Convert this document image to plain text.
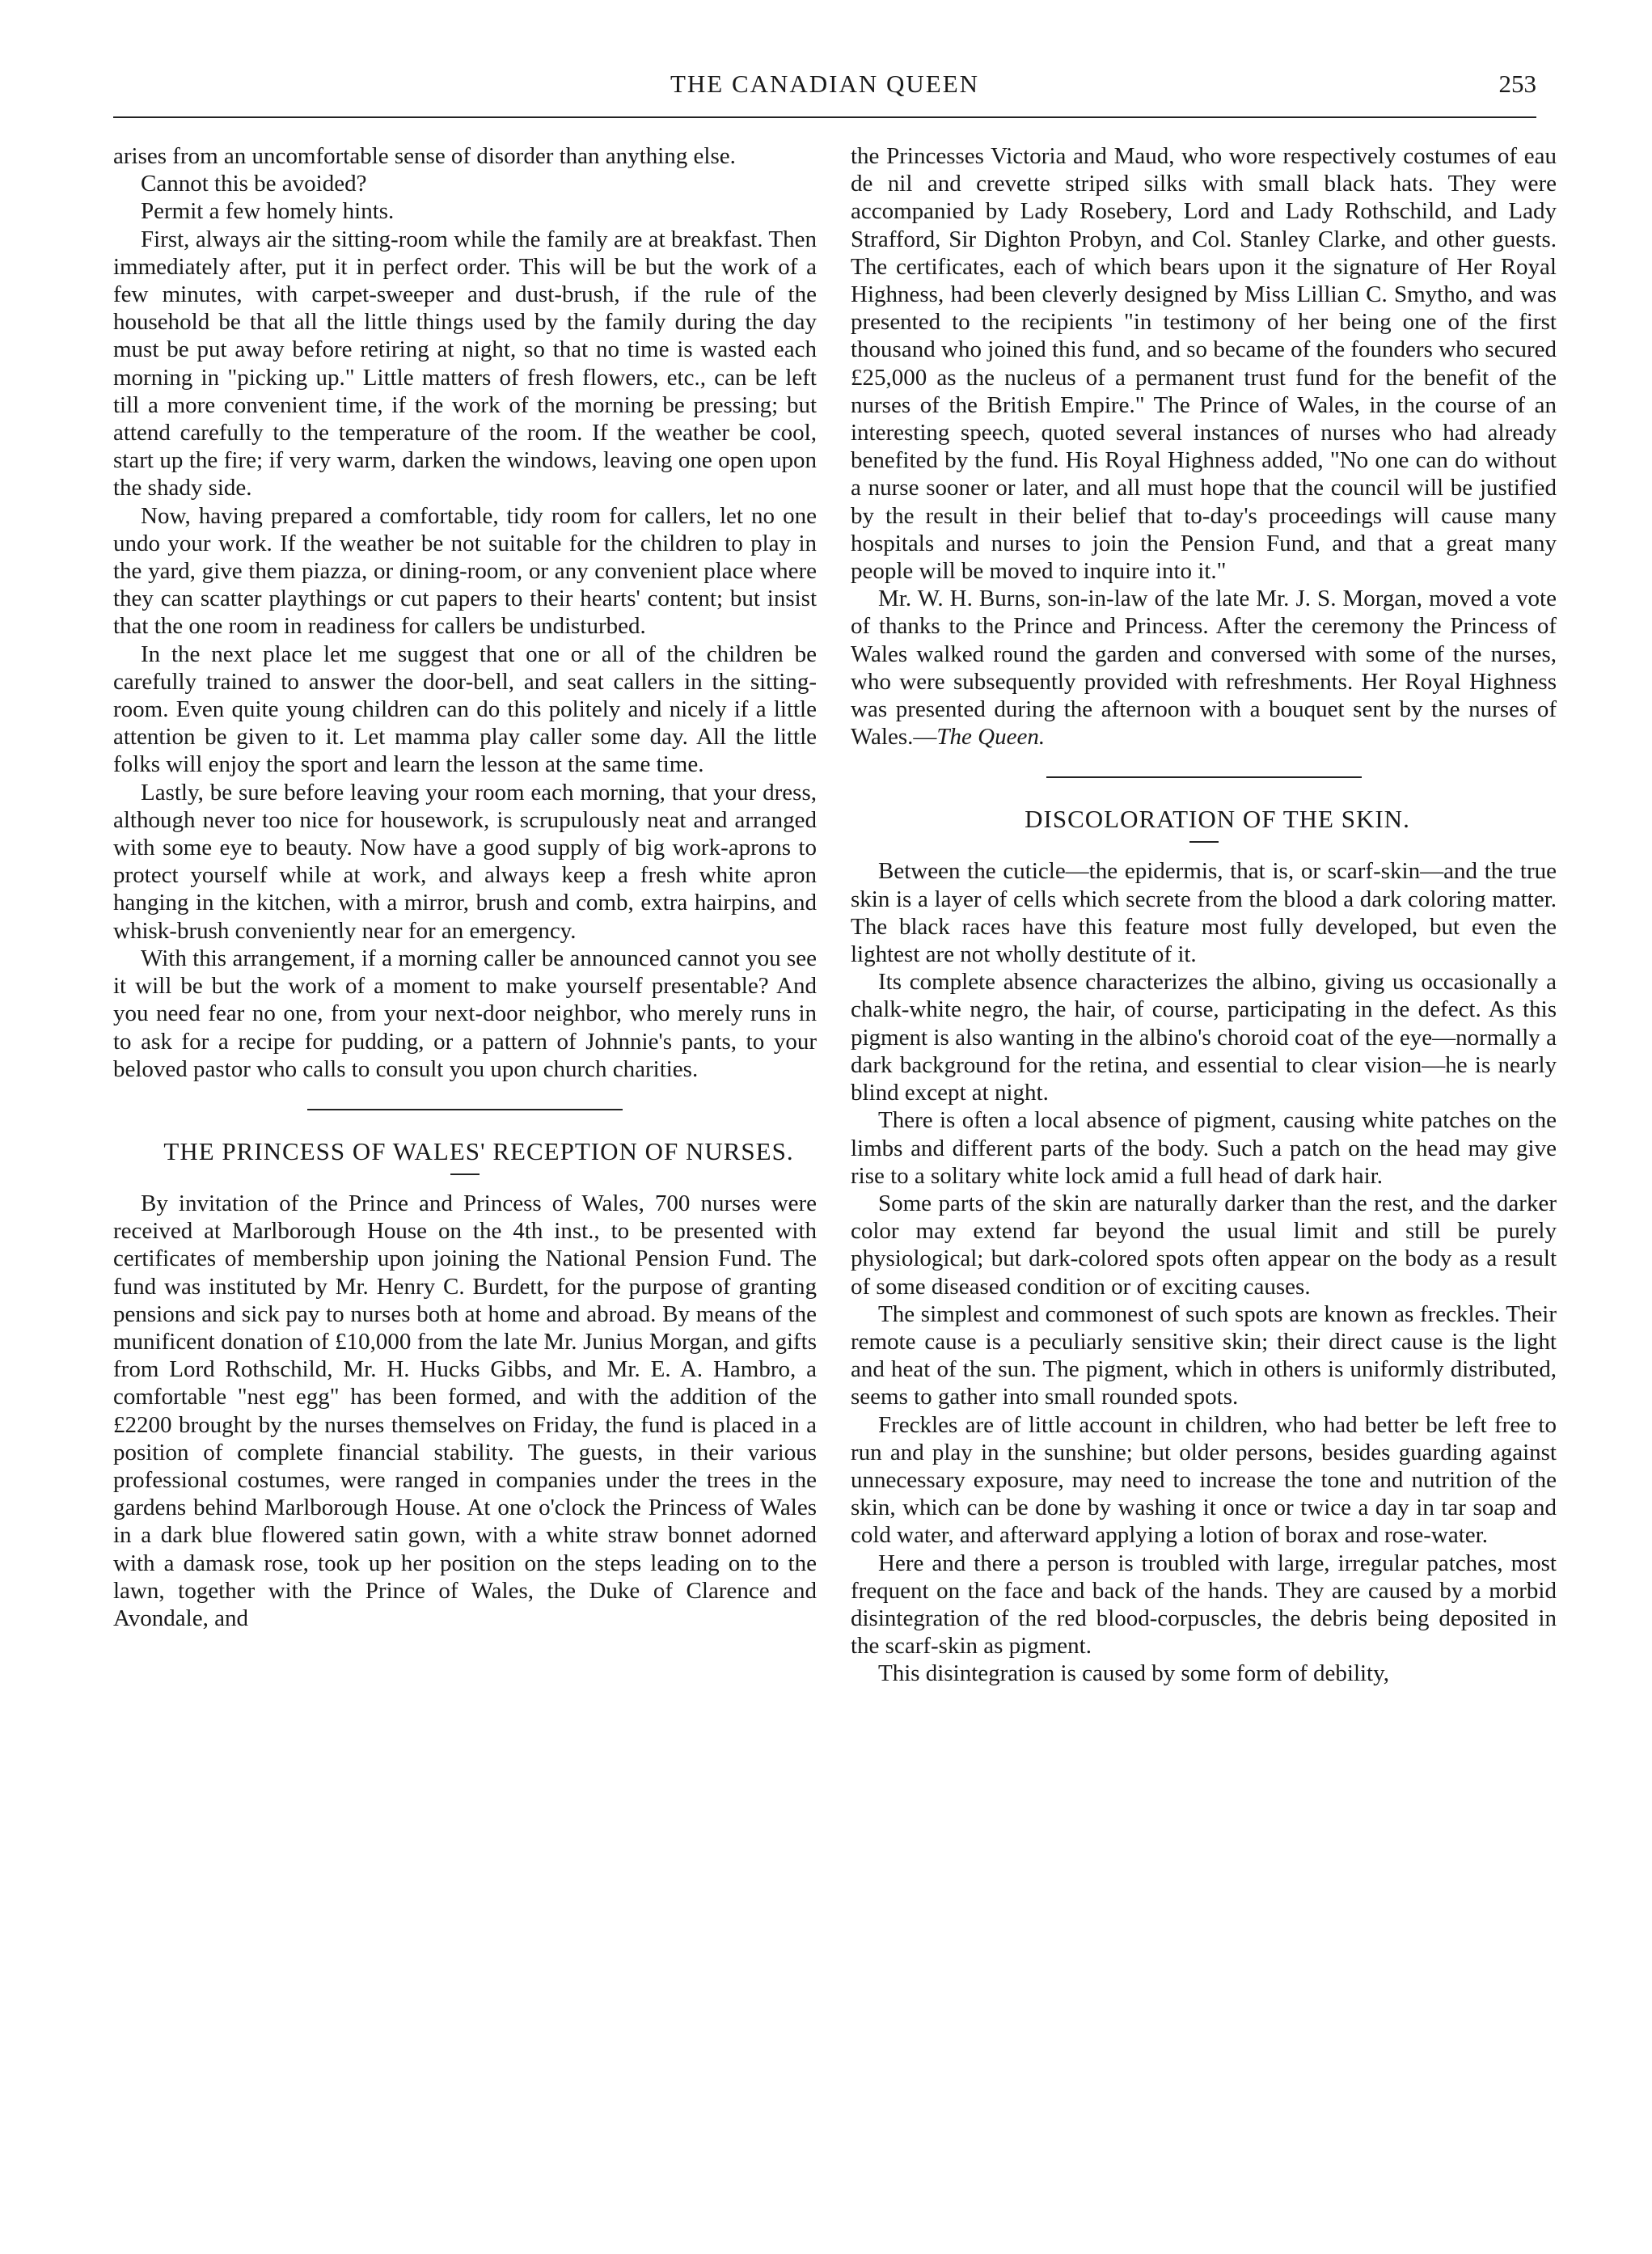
THE CANADIAN QUEEN	253

arises from an uncomfortable sense of disorder than anything else.

Cannot this be avoided?

Permit a few homely hints.

First, always air the sitting-room while the family are at breakfast. Then immediately after, put it in perfect order. This will be but the work of a few minutes, with carpet-sweeper and dust-brush, if the rule of the household be that all the little things used by the family during the day must be put away before retiring at night, so that no time is wasted each morning in "picking up." Little matters of fresh flowers, etc., can be left till a more convenient time, if the work of the morning be pressing; but attend carefully to the temperature of the room. If the weather be cool, start up the fire; if very warm, darken the windows, leaving one open upon the shady side.

Now, having prepared a comfortable, tidy room for callers, let no one undo your work. If the weather be not suitable for the children to play in the yard, give them piazza, or dining-room, or any convenient place where they can scatter playthings or cut papers to their hearts' content; but insist that the one room in readiness for callers be undisturbed.

In the next place let me suggest that one or all of the children be carefully trained to answer the door-bell, and seat callers in the sitting-room. Even quite young children can do this politely and nicely if a little attention be given to it. Let mamma play caller some day. All the little folks will enjoy the sport and learn the lesson at the same time.

Lastly, be sure before leaving your room each morning, that your dress, although never too nice for housework, is scrupulously neat and arranged with some eye to beauty. Now have a good supply of big work-aprons to protect yourself while at work, and always keep a fresh white apron hanging in the kitchen, with a mirror, brush and comb, extra hairpins, and whisk-brush conveniently near for an emergency.

With this arrangement, if a morning caller be announced cannot you see it will be but the work of a moment to make yourself presentable? And you need fear no one, from your next-door neighbor, who merely runs in to ask for a recipe for pudding, or a pattern of Johnnie's pants, to your beloved pastor who calls to consult you upon church charities.

THE PRINCESS OF WALES' RECEPTION OF NURSES.

By invitation of the Prince and Princess of Wales, 700 nurses were received at Marlborough House on the 4th inst., to be presented with certificates of membership upon joining the National Pension Fund. The fund was instituted by Mr. Henry C. Burdett, for the purpose of granting pensions and sick pay to nurses both at home and abroad. By means of the munificent donation of £10,000 from the late Mr. Junius Morgan, and gifts from Lord Rothschild, Mr. H. Hucks Gibbs, and Mr. E. A. Hambro, a comfortable "nest egg" has been formed, and with the addition of the £2200 brought by the nurses themselves on Friday, the fund is placed in a position of complete financial stability. The guests, in their various professional costumes, were ranged in companies under the trees in the gardens behind Marlborough House. At one o'clock the Princess of Wales in a dark blue flowered satin gown, with a white straw bonnet adorned with a damask rose, took up her position on the steps leading on to the lawn, together with the Prince of Wales, the Duke of Clarence and Avondale, and

the Princesses Victoria and Maud, who wore respectively costumes of eau de nil and crevette striped silks with small black hats. They were accompanied by Lady Rosebery, Lord and Lady Rothschild, and Lady Strafford, Sir Dighton Probyn, and Col. Stanley Clarke, and other guests. The certificates, each of which bears upon it the signature of Her Royal Highness, had been cleverly designed by Miss Lillian C. Smytho, and was presented to the recipients "in testimony of her being one of the first thousand who joined this fund, and so became of the founders who secured £25,000 as the nucleus of a permanent trust fund for the benefit of the nurses of the British Empire." The Prince of Wales, in the course of an interesting speech, quoted several instances of nurses who had already benefited by the fund. His Royal Highness added, "No one can do without a nurse sooner or later, and all must hope that the council will be justified by the result in their belief that to-day's proceedings will cause many hospitals and nurses to join the Pension Fund, and that a great many people will be moved to inquire into it."

Mr. W. H. Burns, son-in-law of the late Mr. J. S. Morgan, moved a vote of thanks to the Prince and Princess. After the ceremony the Princess of Wales walked round the garden and conversed with some of the nurses, who were subsequently provided with refreshments. Her Royal Highness was presented during the afternoon with a bouquet sent by the nurses of Wales.—The Queen.

DISCOLORATION OF THE SKIN.

Between the cuticle—the epidermis, that is, or scarf-skin—and the true skin is a layer of cells which secrete from the blood a dark coloring matter. The black races have this feature most fully developed, but even the lightest are not wholly destitute of it.

Its complete absence characterizes the albino, giving us occasionally a chalk-white negro, the hair, of course, participating in the defect. As this pigment is also wanting in the albino's choroid coat of the eye—normally a dark background for the retina, and essential to clear vision—he is nearly blind except at night.

There is often a local absence of pigment, causing white patches on the limbs and different parts of the body. Such a patch on the head may give rise to a solitary white lock amid a full head of dark hair.

Some parts of the skin are naturally darker than the rest, and the darker color may extend far beyond the usual limit and still be purely physiological; but dark-colored spots often appear on the body as a result of some diseased condition or of exciting causes.

The simplest and commonest of such spots are known as freckles. Their remote cause is a peculiarly sensitive skin; their direct cause is the light and heat of the sun. The pigment, which in others is uniformly distributed, seems to gather into small rounded spots.

Freckles are of little account in children, who had better be left free to run and play in the sunshine; but older persons, besides guarding against unnecessary exposure, may need to increase the tone and nutrition of the skin, which can be done by washing it once or twice a day in tar soap and cold water, and afterward applying a lotion of borax and rose-water.

Here and there a person is troubled with large, irregular patches, most frequent on the face and back of the hands. They are caused by a morbid disintegration of the red blood-corpuscles, the debris being deposited in the scarf-skin as pigment.

This disintegration is caused by some form of debility,
